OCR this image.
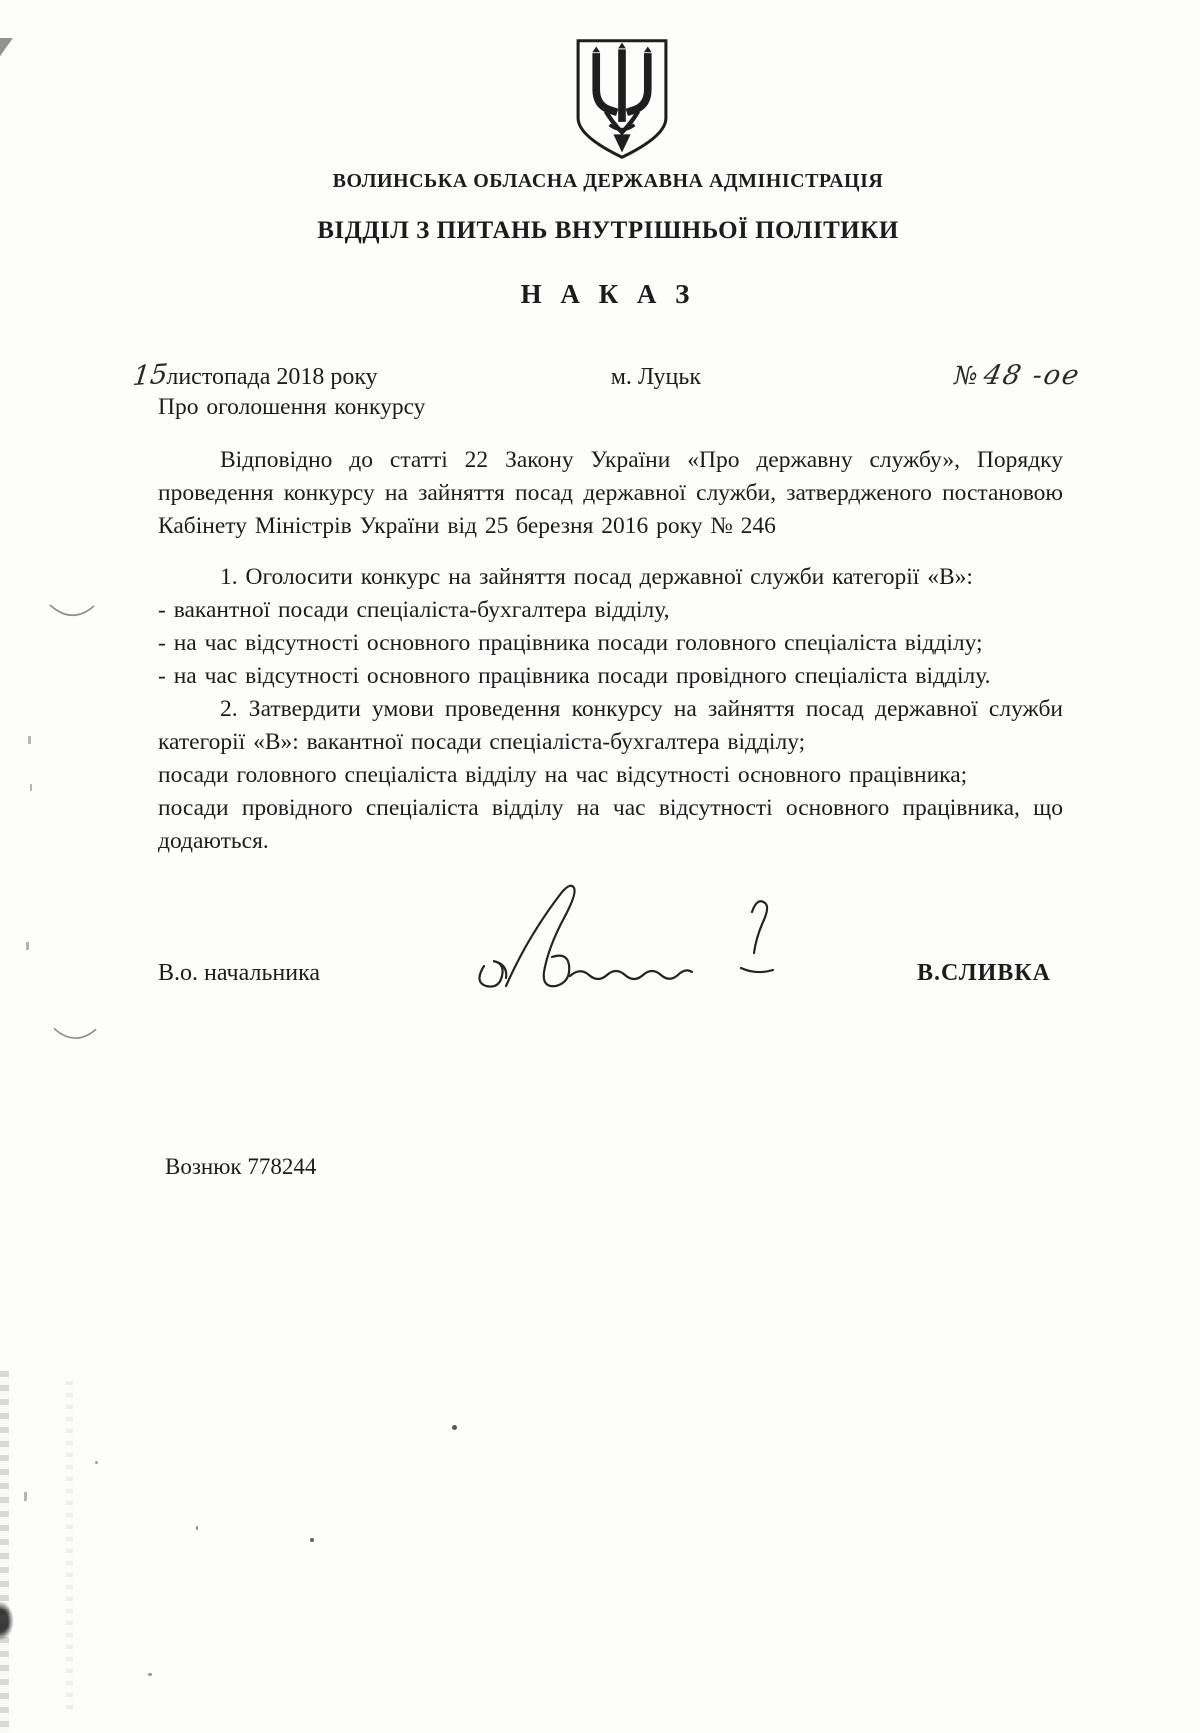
ВОЛИНСЬКА ОБЛАСНА ДЕРЖАВНА АДМІНІСТРАЦІЯ
ВІДДІЛ З ПИТАНЬ ВНУТРІШНЬОЇ ПОЛІТИКИ
Н А К А З
15листопада 2018 року	м. Луцьк	№ 48 -ое

Про оголошення конкурсу

Відповідно до статті 22 Закону України «Про державну службу», Порядку проведення конкурсу на зайняття посад державної служби, затвердженого постановою Кабінету Міністрів України від 25 березня 2016 року № 246

1. Оголосити конкурс на зайняття посад державної служби категорії «В»:

- вакантної посади спеціаліста-бухгалтера відділу,

- на час відсутності основного працівника посади головного спеціаліста відділу;

- на час відсутності основного працівника посади провідного спеціаліста відділу.

2. Затвердити умови проведення конкурсу на зайняття посад державної служби категорії «В»: вакантної посади спеціаліста-бухгалтера відділу;

посади головного спеціаліста відділу на час відсутності основного працівника;

посади провідного спеціаліста відділу на час відсутності основного працівника, що додаються.

В.о. начальника	В.СЛИВКА
Вознюк 778244
